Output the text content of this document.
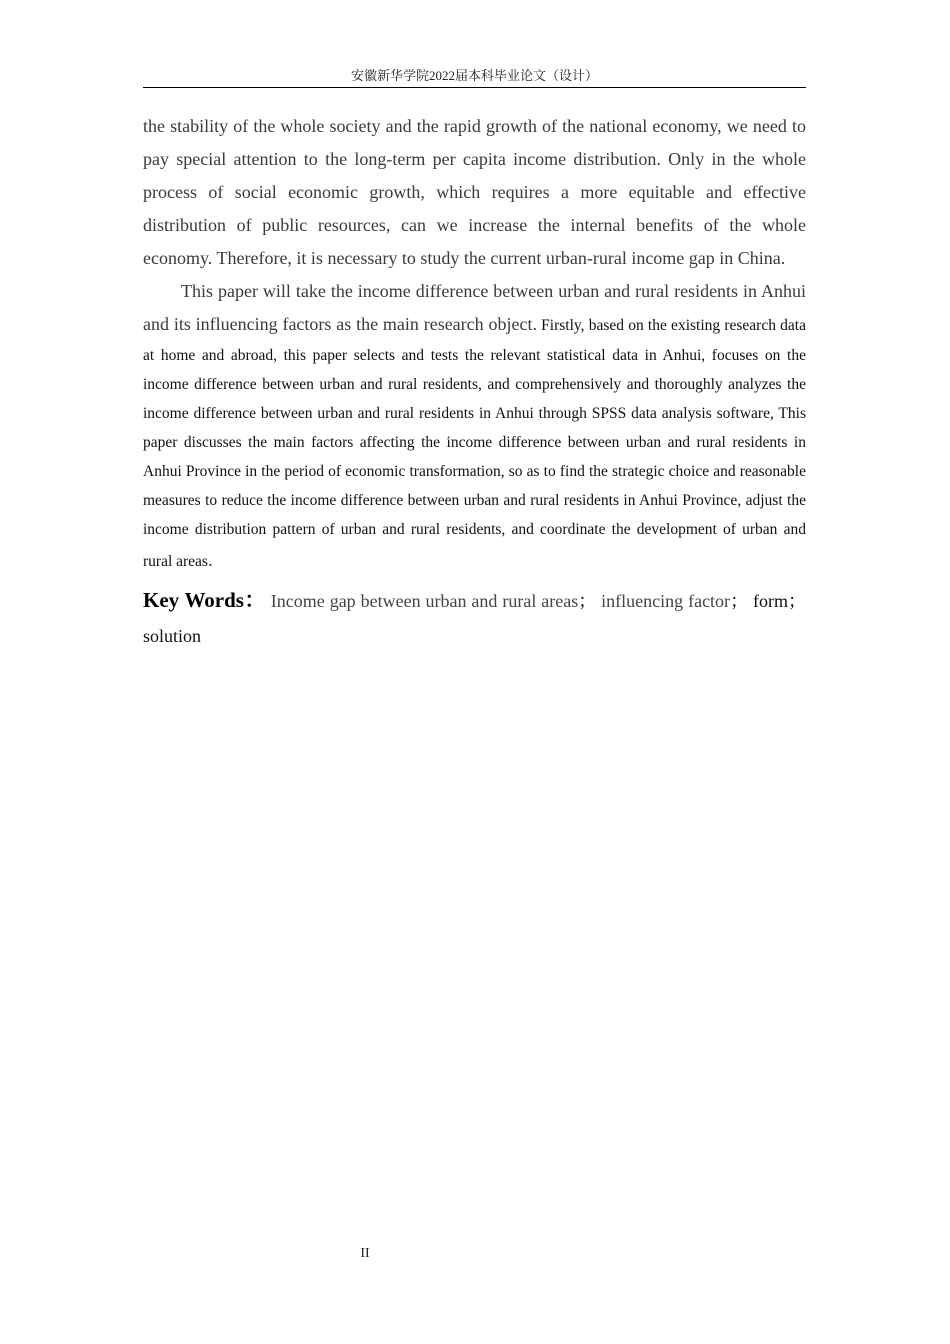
安徽新华学院2022届本科毕业论文（设计）

the stability of the whole society and the rapid growth of the national economy, we need to pay special attention to the long-term per capita income distribution. Only in the whole process of social economic growth, which requires a more equitable and effective distribution of public resources, can we increase the internal benefits of the whole economy. Therefore, it is necessary to study the current urban-rural income gap in China.

This paper will take the income difference between urban and rural residents in Anhui and its influencing factors as the main research object. Firstly, based on the existing research data at home and abroad, this paper selects and tests the relevant statistical data in Anhui, focuses on the income difference between urban and rural residents, and comprehensively and thoroughly analyzes the income difference between urban and rural residents in Anhui through SPSS data analysis software, This paper discusses the main factors affecting the income difference between urban and rural residents in Anhui Province in the period of economic transformation, so as to find the strategic choice and reasonable measures to reduce the income difference between urban and rural residents in Anhui Province, adjust the income distribution pattern of urban and rural residents, and coordinate the development of urban and rural areas.

Key Words： Income gap between urban and rural areas； influencing factor； form；solution

II
